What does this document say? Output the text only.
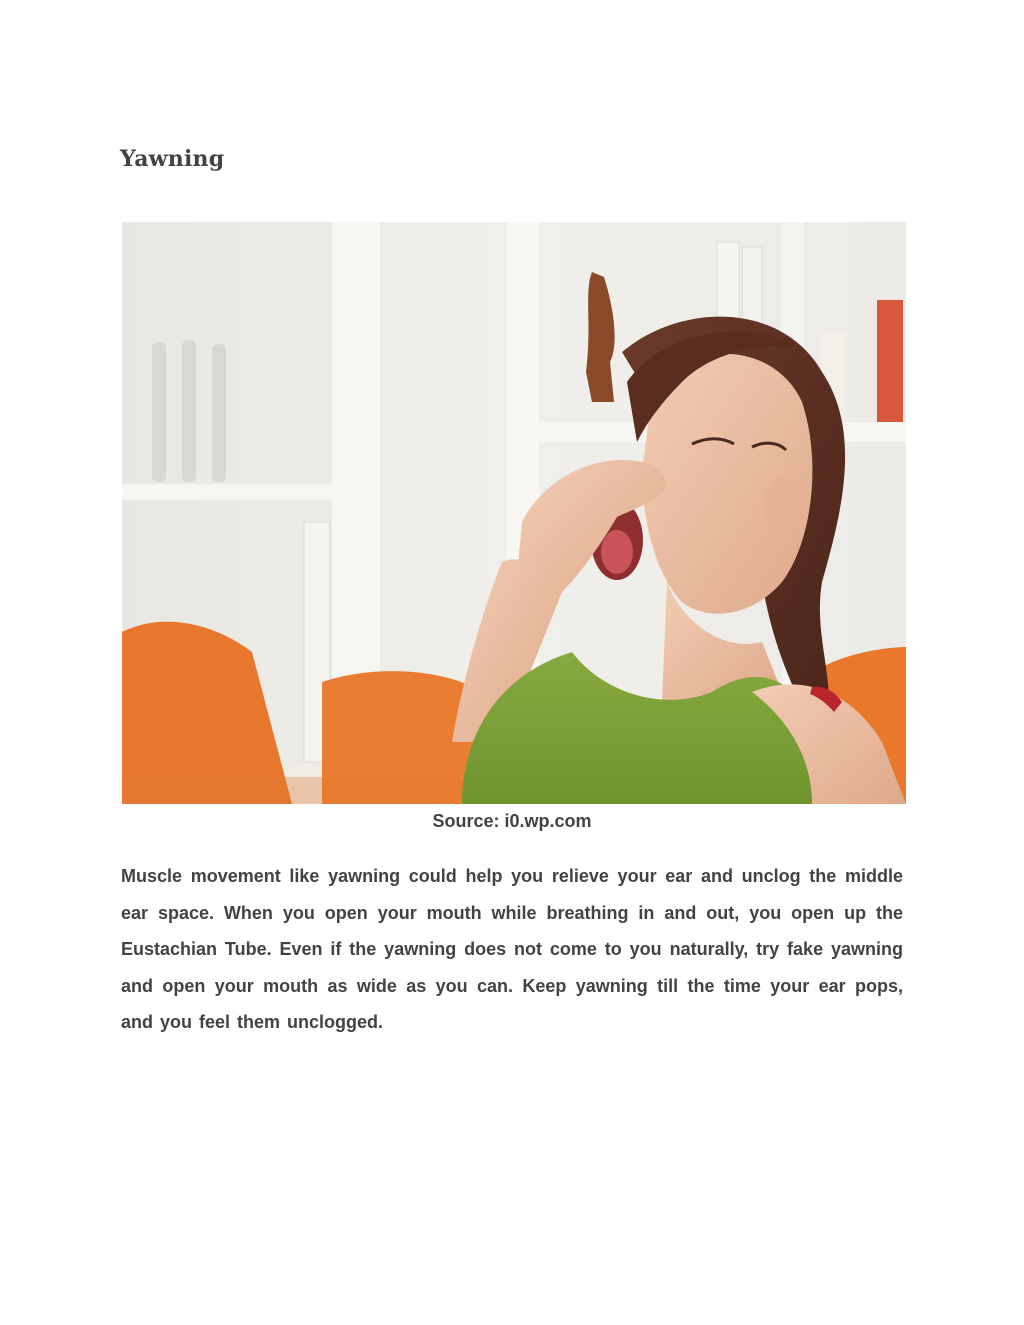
Yawning

Source: i0.wp.com

Muscle movement like yawning could help you relieve your ear and unclog the middle ear space. When you open your mouth while breathing in and out, you open up the Eustachian Tube. Even if the yawning does not come to you naturally, try fake yawning and open your mouth as wide as you can. Keep yawning till the time your ear pops, and you feel them unclogged.
